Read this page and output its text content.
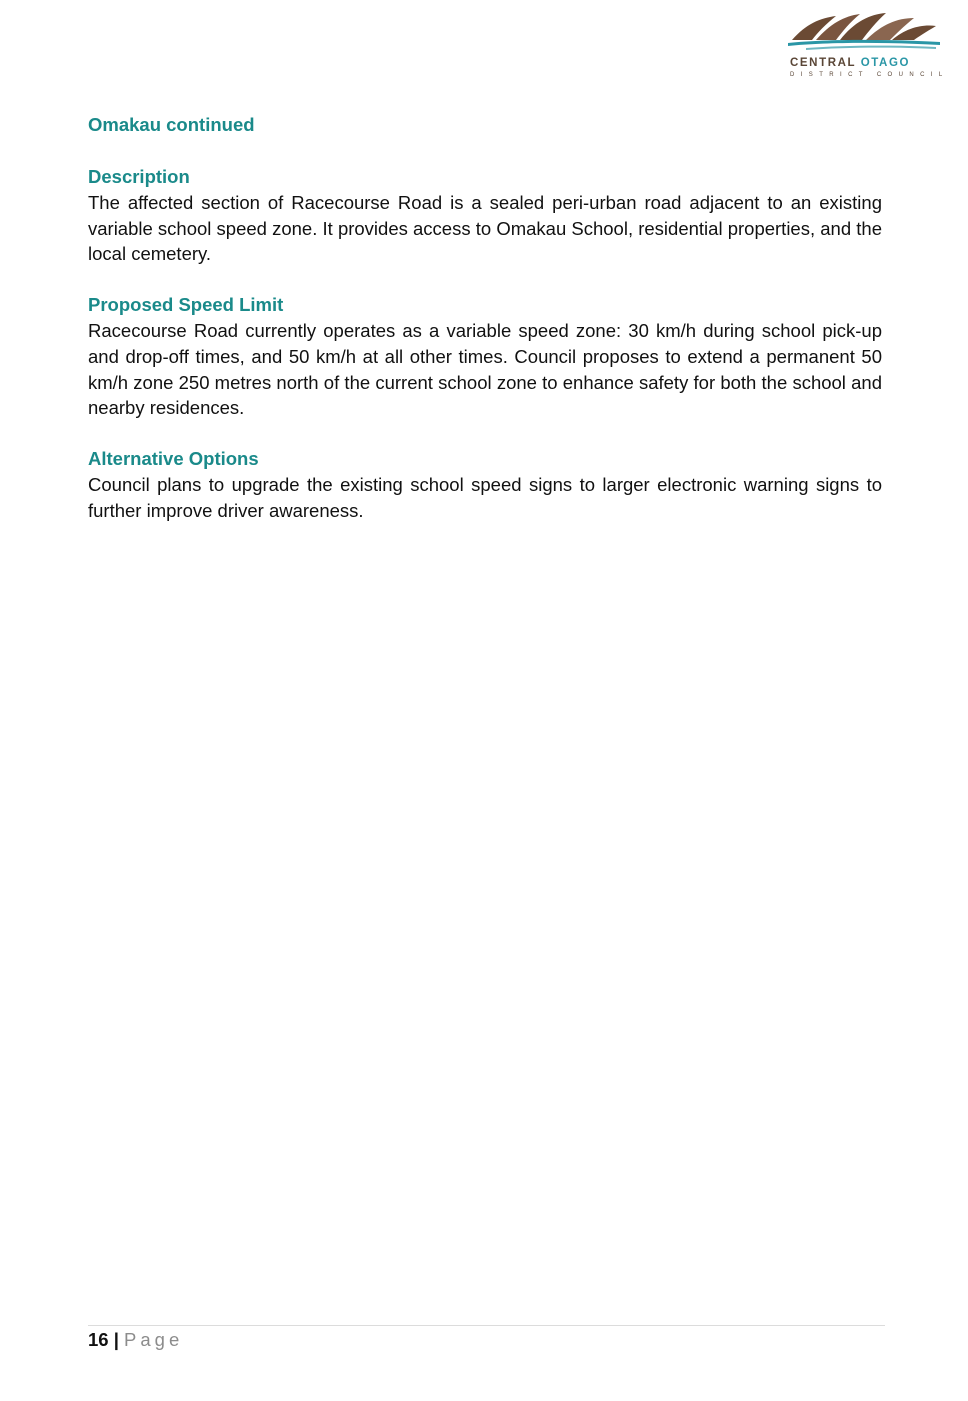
CENTRAL OTAGO
DISTRICT COUNCIL
Omakau continued
Description

The affected section of Racecourse Road is a sealed peri-urban road adjacent to an existing variable school speed zone. It provides access to Omakau School, residential properties, and the local cemetery.

Proposed Speed Limit

Racecourse Road currently operates as a variable speed zone: 30 km/h during school pick-up and drop-off times, and 50 km/h at all other times. Council proposes to extend a permanent 50 km/h zone 250 metres north of the current school zone to enhance safety for both the school and nearby residences.

Alternative Options

Council plans to upgrade the existing school speed signs to larger electronic warning signs to further improve driver awareness.

16 | Page
